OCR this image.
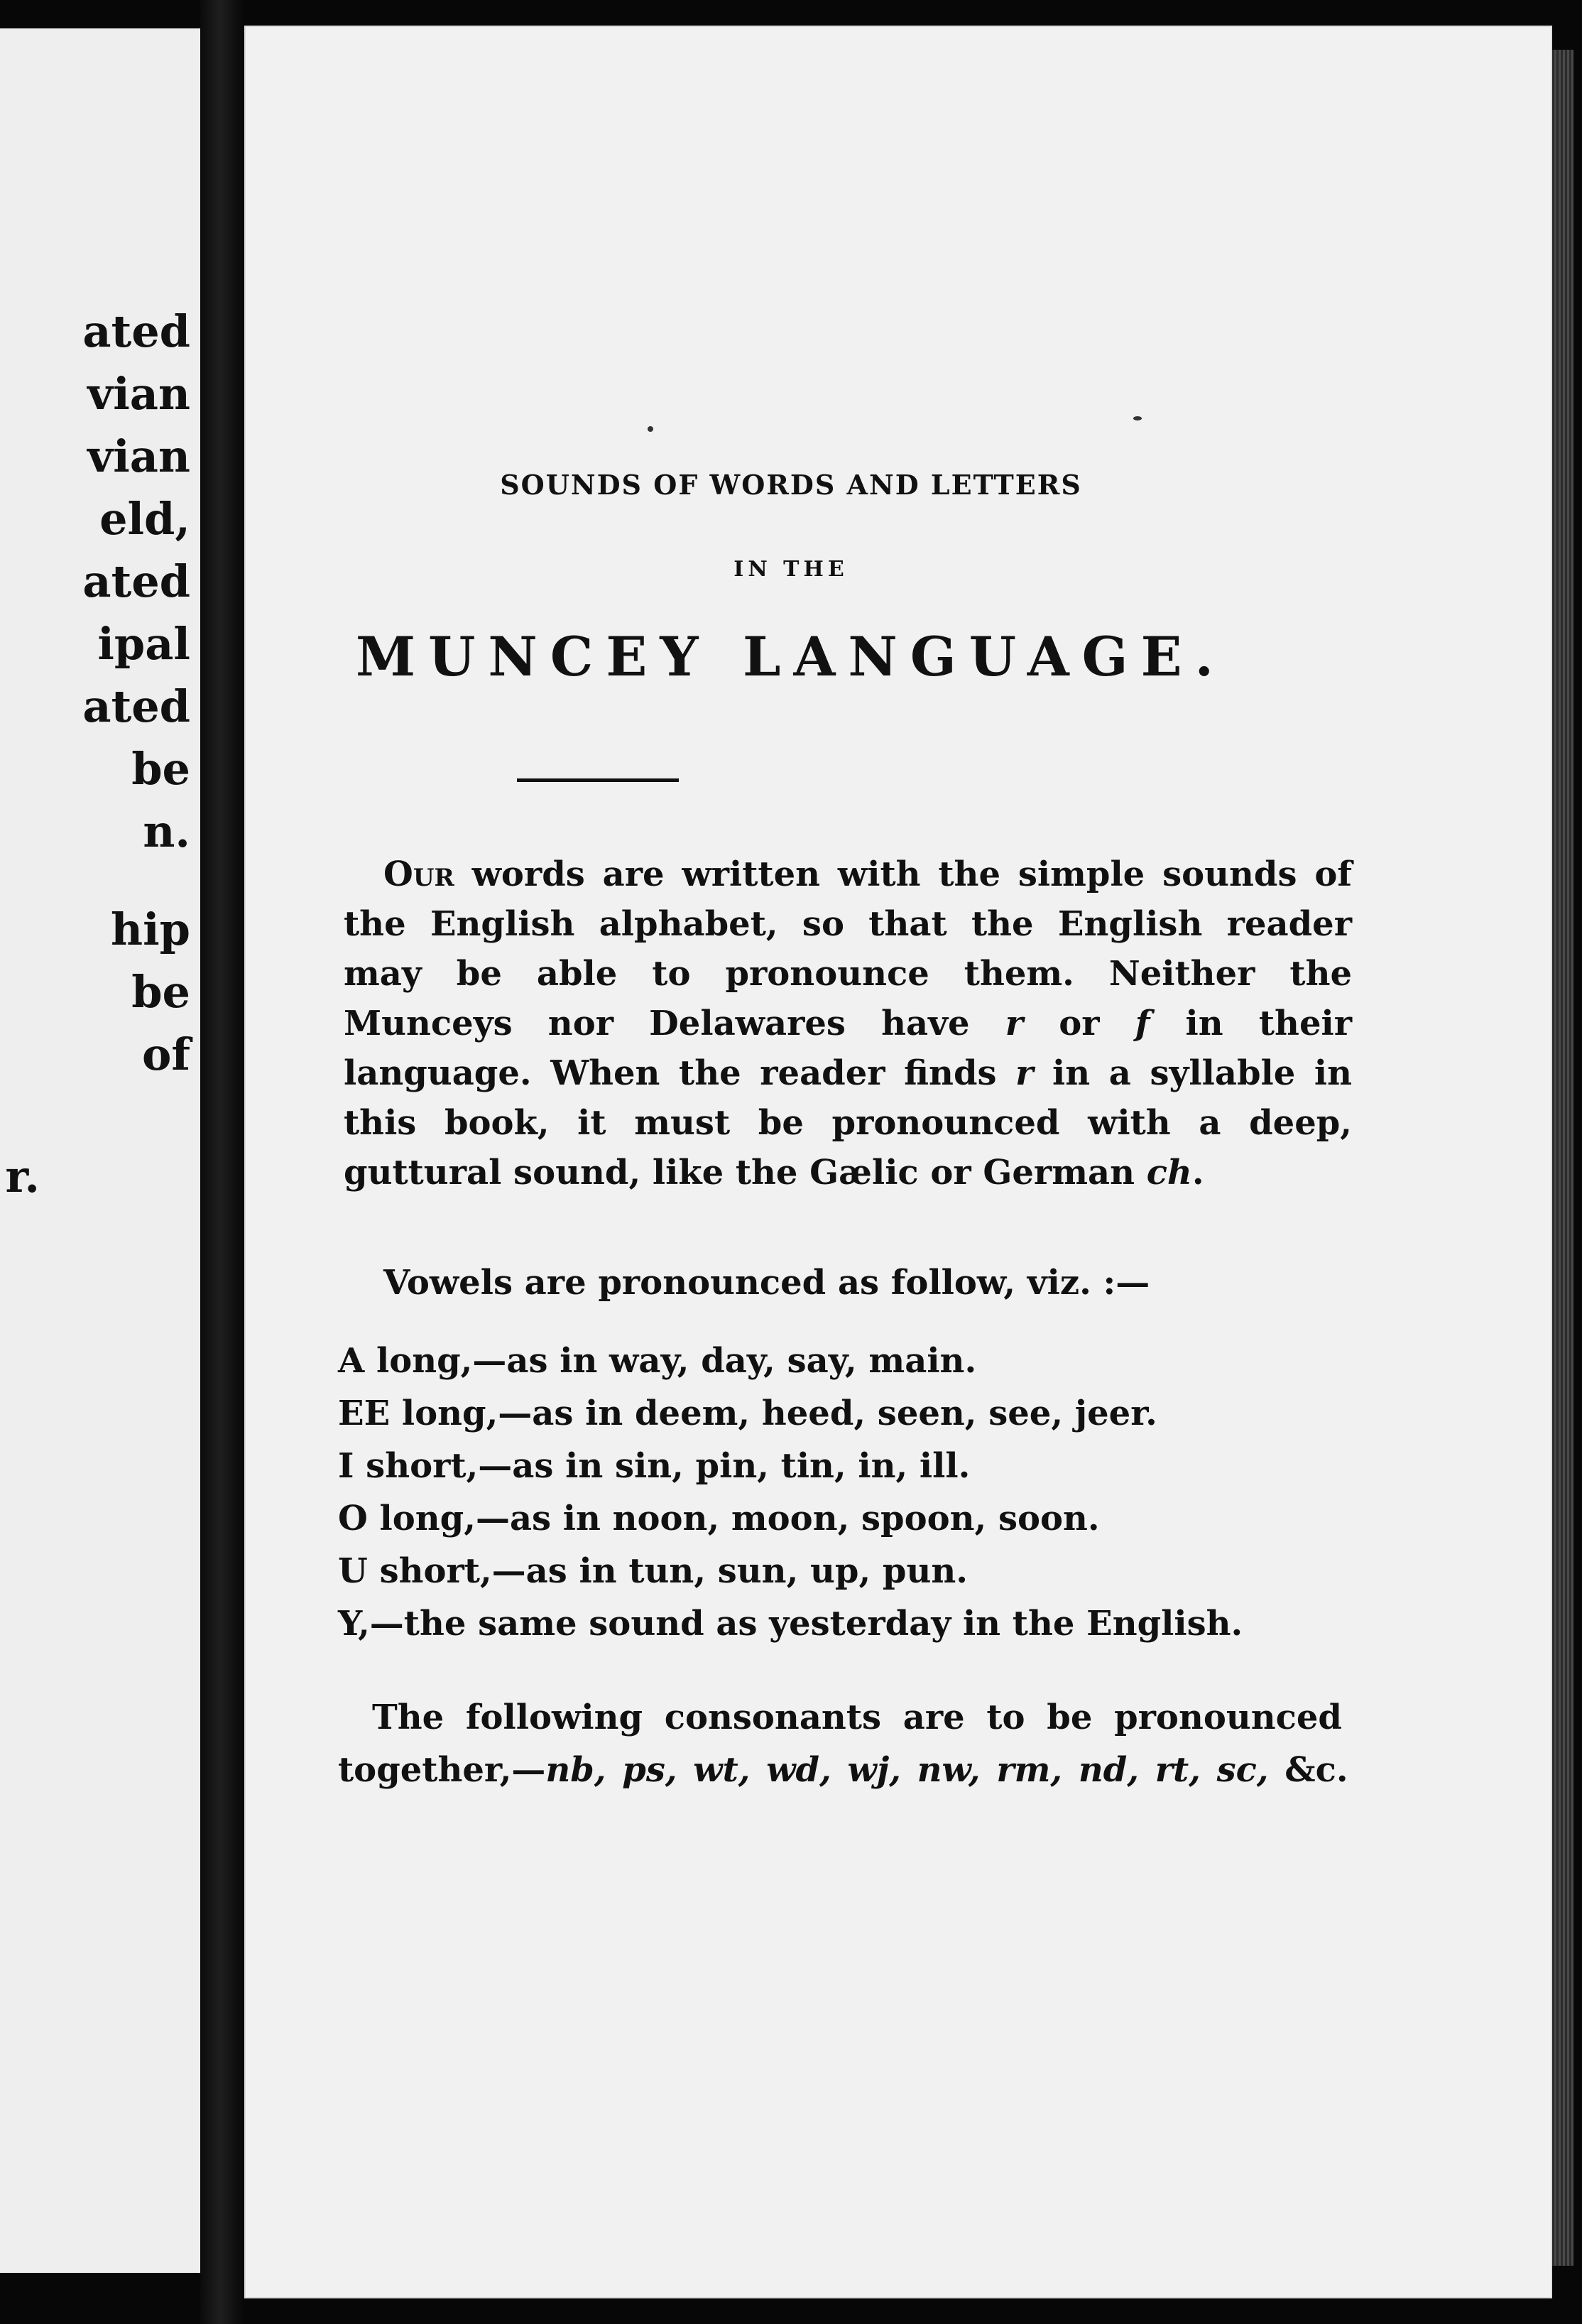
ated
vian
vian
eld,
ated
ipal
ated
be
n.
hip
be
of
r.
SOUNDS OF WORDS AND LETTERS
IN THE
MUNCEY LANGUAGE.

Our words are written with the simple sounds of the English alphabet, so that the English reader may be able to pronounce them. Neither the Munceys nor Delawares have r or f in their language. When the reader finds r in a syllable in this book, it must be pronounced with a deep, guttural sound, like the Gælic or German ch.

Vowels are pronounced as follow, viz. :—
A long,—as in way, day, say, main.
EE long,—as in deem, heed, seen, see, jeer.
I short,—as in sin, pin, tin, in, ill.
O long,—as in noon, moon, spoon, soon.
U short,—as in tun, sun, up, pun.
Y,—the same sound as yesterday in the English.
The following consonants are to be pronounced
together,—nb, ps, wt, wd, wj, nw, rm, nd, rt, sc, &c.
